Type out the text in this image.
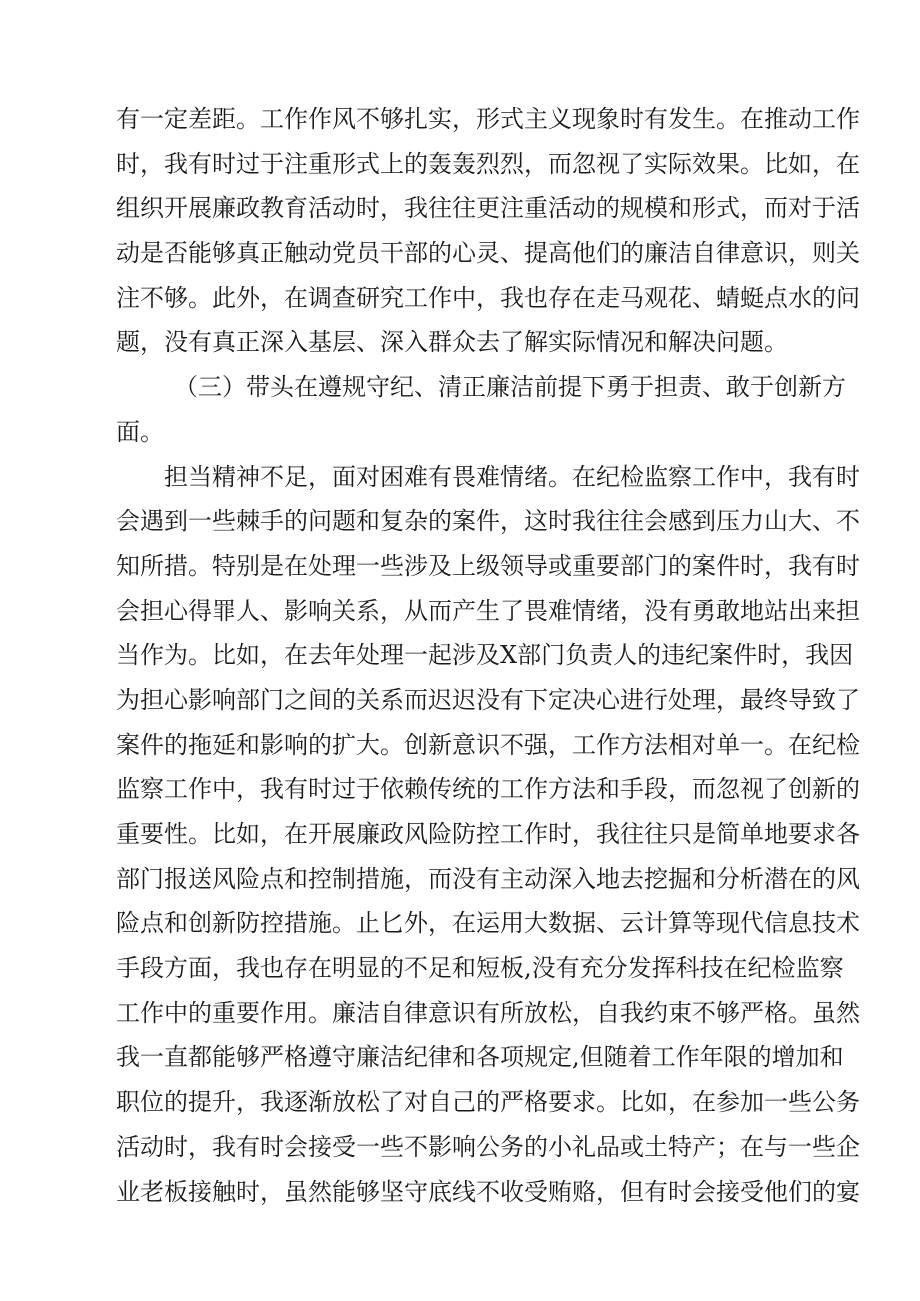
有一定差距。工作作风不够扎实，形式主义现象时有发生。在推动工作
时，我有时过于注重形式上的轰轰烈烈，而忽视了实际效果。比如，在
组织开展廉政教育活动时，我往往更注重活动的规模和形式，而对于活
动是否能够真正触动党员干部的心灵、提高他们的廉洁自律意识，则关
注不够。此外，在调查研究工作中，我也存在走马观花、蜻蜓点水的问
题，没有真正深入基层、深入群众去了解实际情况和解决问题。
（三）带头在遵规守纪、清正廉洁前提下勇于担责、敢于创新方
面。
担当精神不足，面对困难有畏难情绪。在纪检监察工作中，我有时
会遇到一些棘手的问题和复杂的案件，这时我往往会感到压力山大、不
知所措。特别是在处理一些涉及上级领导或重要部门的案件时，我有时
会担心得罪人、影响关系，从而产生了畏难情绪，没有勇敢地站出来担
当作为。比如，在去年处理一起涉及X部门负责人的违纪案件时，我因
为担心影响部门之间的关系而迟迟没有下定决心进行处理，最终导致了
案件的拖延和影响的扩大。创新意识不强，工作方法相对单一。在纪检
监察工作中，我有时过于依赖传统的工作方法和手段，而忽视了创新的
重要性。比如，在开展廉政风险防控工作时，我往往只是简单地要求各
部门报送风险点和控制措施，而没有主动深入地去挖掘和分析潜在的风
险点和创新防控措施。止匕外，在运用大数据、云计算等现代信息技术
手段方面，我也存在明显的不足和短板,没有充分发挥科技在纪检监察
工作中的重要作用。廉洁自律意识有所放松，自我约束不够严格。虽然
我一直都能够严格遵守廉洁纪律和各项规定,但随着工作年限的增加和
职位的提升，我逐渐放松了对自己的严格要求。比如，在参加一些公务
活动时，我有时会接受一些不影响公务的小礼品或土特产；在与一些企
业老板接触时，虽然能够坚守底线不收受贿赂，但有时会接受他们的宴
